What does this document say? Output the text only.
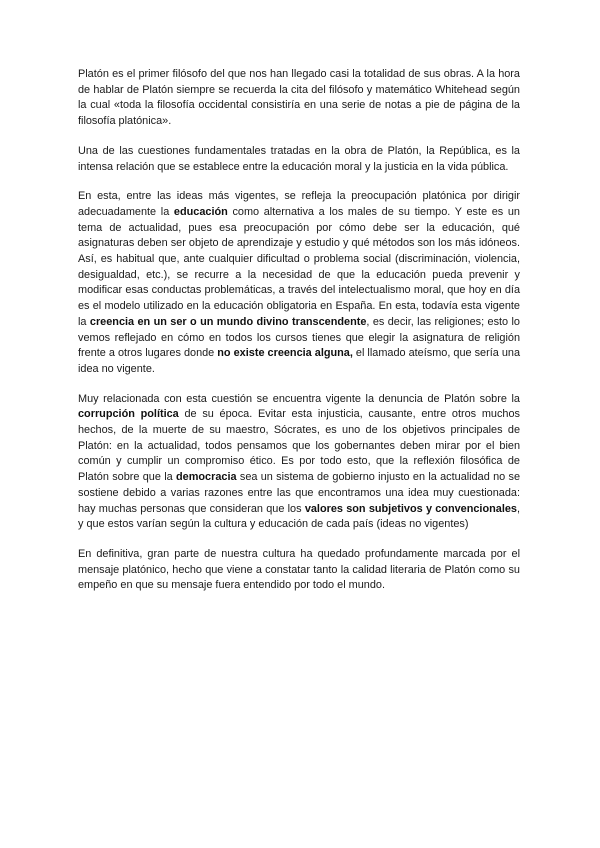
Platón es el primer filósofo del que nos han llegado casi la totalidad de sus obras. A la hora de hablar de Platón siempre se recuerda la cita del filósofo y matemático Whitehead según la cual «toda la filosofía occidental consistiría en una serie de notas a pie de página de la filosofía platónica».

Una de las cuestiones fundamentales tratadas en la obra de Platón, la República, es la intensa relación que se establece entre la educación moral y la justicia en la vida pública.

En esta, entre las ideas más vigentes, se refleja la preocupación platónica por dirigir adecuadamente la educación como alternativa a los males de su tiempo. Y este es un tema de actualidad, pues esa preocupación por cómo debe ser la educación, qué asignaturas deben ser objeto de aprendizaje y estudio y qué métodos son los más idóneos. Así, es habitual que, ante cualquier dificultad o problema social (discriminación, violencia, desigualdad, etc.), se recurre a la necesidad de que la educación pueda prevenir y modificar esas conductas problemáticas, a través del intelectualismo moral, que hoy en día es el modelo utilizado en la educación obligatoria en España. En esta, todavía esta vigente la creencia en un ser o un mundo divino transcendente, es decir, las religiones; esto lo vemos reflejado en cómo en todos los cursos tienes que elegir la asignatura de religión frente a otros lugares donde no existe creencia alguna, el llamado ateísmo, que sería una idea no vigente.

Muy relacionada con esta cuestión se encuentra vigente la denuncia de Platón sobre la corrupción política de su época. Evitar esta injusticia, causante, entre otros muchos hechos, de la muerte de su maestro, Sócrates, es uno de los objetivos principales de Platón: en la actualidad, todos pensamos que los gobernantes deben mirar por el bien común y cumplir un compromiso ético. Es por todo esto, que la reflexión filosófica de Platón sobre que la democracia sea un sistema de gobierno injusto en la actualidad no se sostiene debido a varias razones entre las que encontramos una idea muy cuestionada: hay muchas personas que consideran que los valores son subjetivos y convencionales, y que estos varían según la cultura y educación de cada país (ideas no vigentes)

En definitiva, gran parte de nuestra cultura ha quedado profundamente marcada por el mensaje platónico, hecho que viene a constatar tanto la calidad literaria de Platón como su empeño en que su mensaje fuera entendido por todo el mundo.
